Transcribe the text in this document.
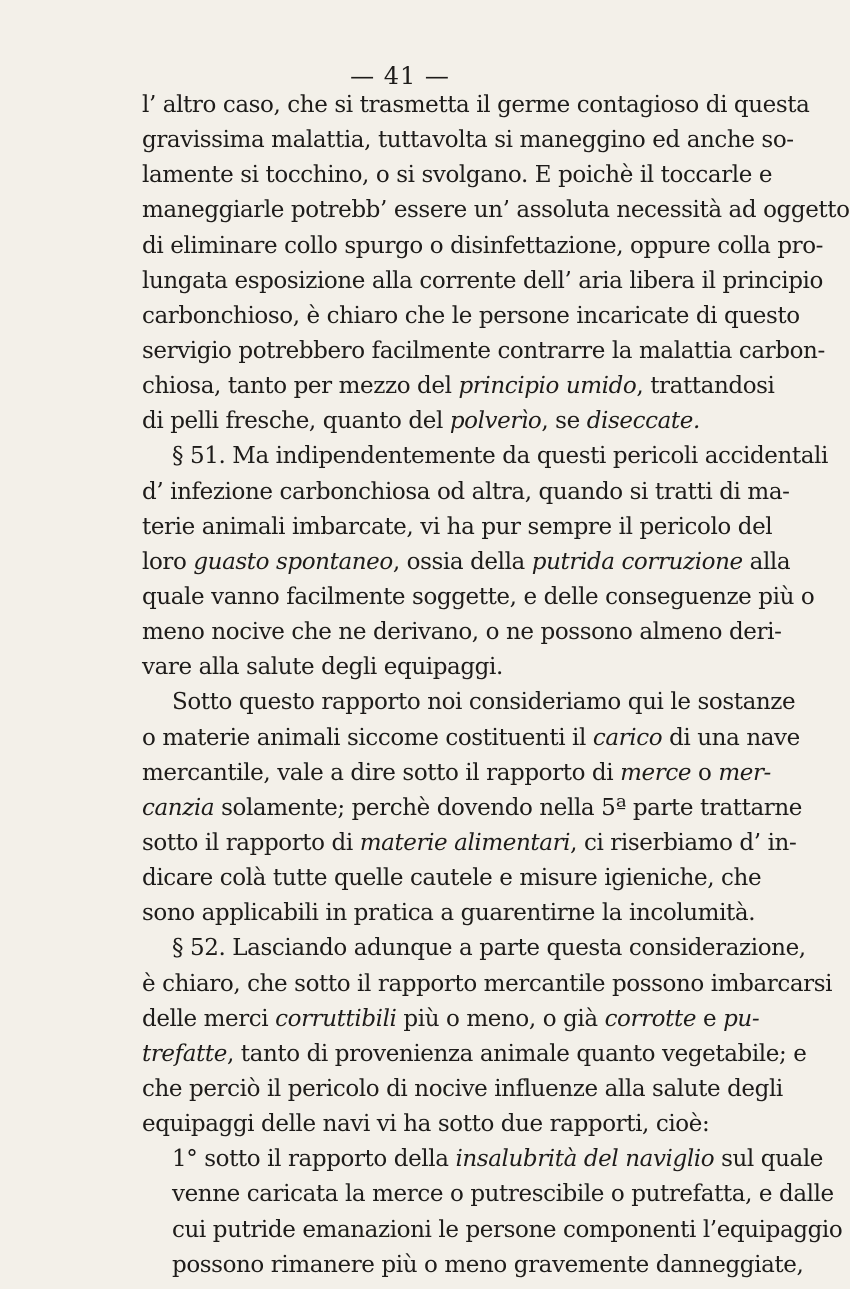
— 41 —
l’ altro caso, che si trasmetta il germe contagioso di questa
gravissima malattia, tuttavolta si maneggino ed anche so-
lamente si tocchino, o si svolgano. E poichè il toccarle e
maneggiarle potrebb’ essere un’ assoluta necessità ad oggetto
di eliminare collo spurgo o disinfettazione, oppure colla pro-
lungata esposizione alla corrente dell’ aria libera il principio
carbonchioso, è chiaro che le persone incaricate di questo
servigio potrebbero facilmente contrarre la malattia carbon-
chiosa, tanto per mezzo del principio umido, trattandosi
di pelli fresche, quanto del polverìo, se diseccate.
§ 51. Ma indipendentemente da questi pericoli accidentali
d’ infezione carbonchiosa od altra, quando si tratti di ma-
terie animali imbarcate, vi ha pur sempre il pericolo del
loro guasto spontaneo, ossia della putrida corruzione alla
quale vanno facilmente soggette, e delle conseguenze più o
meno nocive che ne derivano, o ne possono almeno deri-
vare alla salute degli equipaggi.
Sotto questo rapporto noi consideriamo qui le sostanze
o materie animali siccome costituenti il carico di una nave
mercantile, vale a dire sotto il rapporto di merce o mer-
canzia solamente; perchè dovendo nella 5ª parte trattarne
sotto il rapporto di materie alimentari, ci riserbiamo d’ in-
dicare colà tutte quelle cautele e misure igieniche, che
sono applicabili in pratica a guarentirne la incolumità.
§ 52. Lasciando adunque a parte questa considerazione,
è chiaro, che sotto il rapporto mercantile possono imbarcarsi
delle merci corruttibili più o meno, o già corrotte e pu-
trefatte, tanto di provenienza animale quanto vegetabile; e
che perciò il pericolo di nocive influenze alla salute degli
equipaggi delle navi vi ha sotto due rapporti, cioè:
1° sotto il rapporto della insalubrità del naviglio sul quale
venne caricata la merce o putrescibile o putrefatta, e dalle
cui putride emanazioni le persone componenti l’equipaggio
possono rimanere più o meno gravemente danneggiate,
